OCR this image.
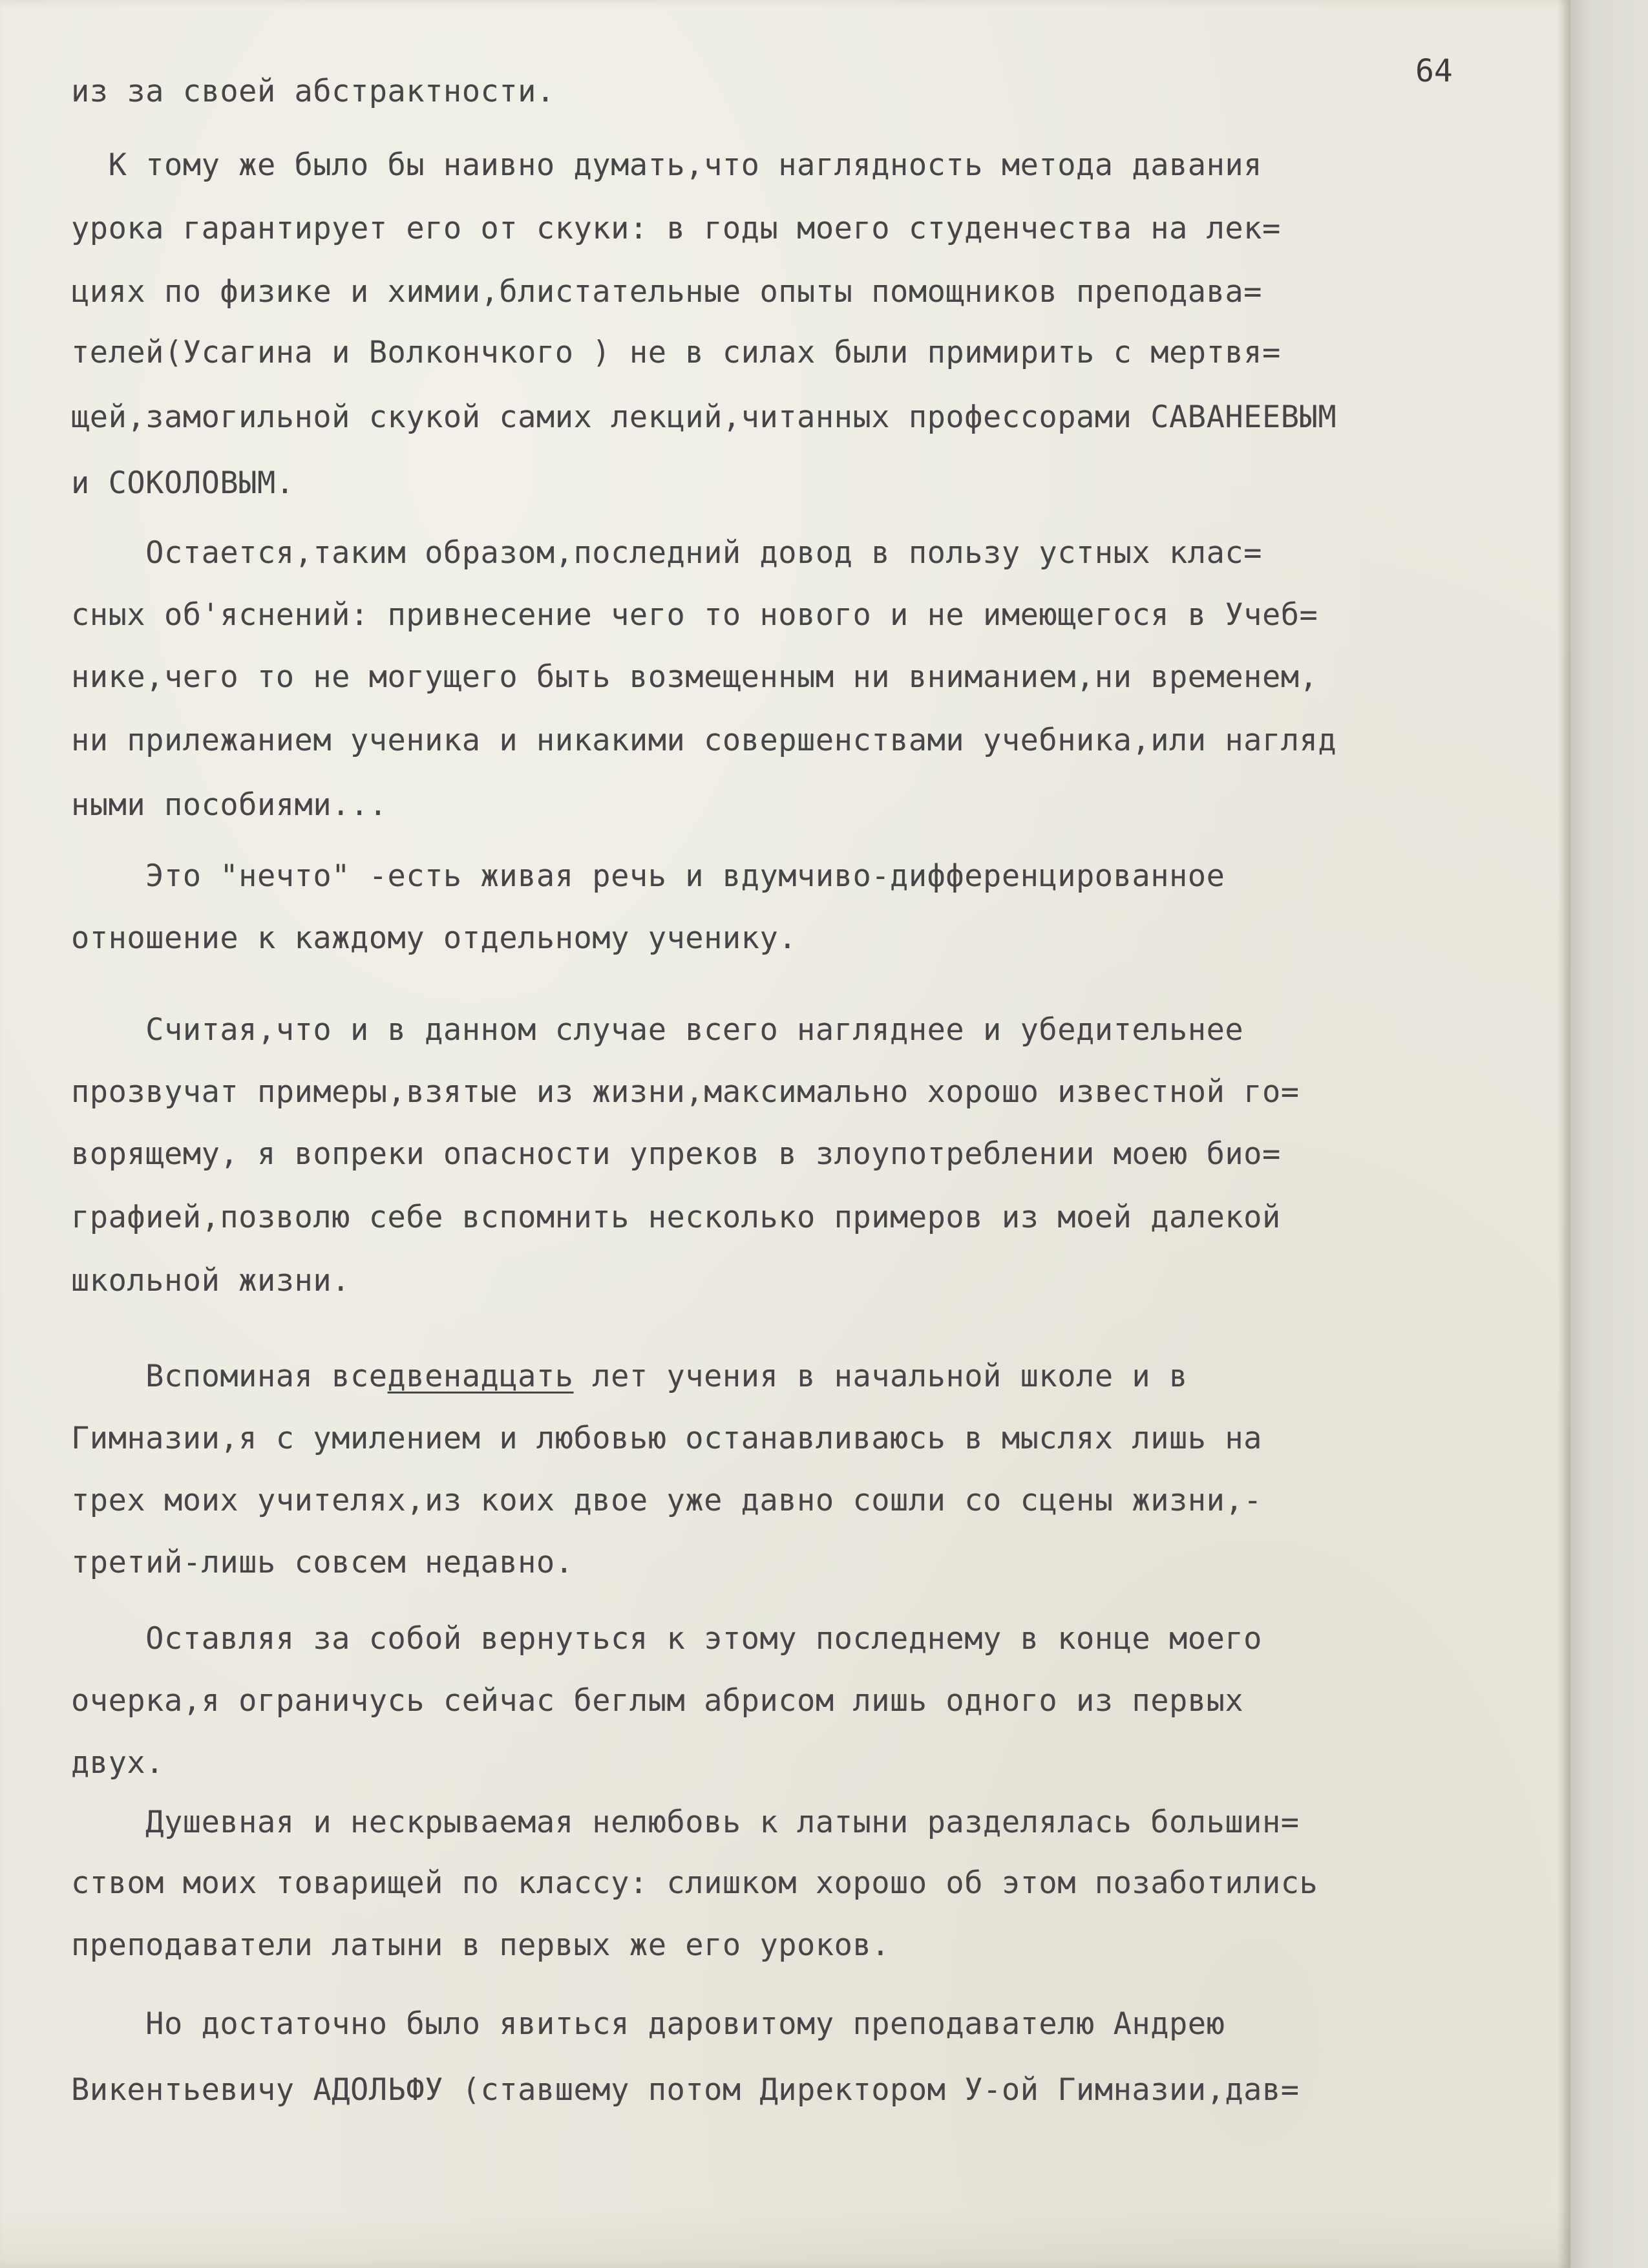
64
из за своей абстрактности.
К тому же было бы наивно думать,что наглядность метода давания
урока гарантирует его от скуки: в годы моего студенчества на лек=
циях по физике и химии,блистательные опыты помощников преподава=
телей(Усагина и Волкончкого ) не в силах были примирить с мертвя=
щей,замогильной скукой самих лекций,читанных профессорами САВАНЕЕВЫМ
и СОКОЛОВЫМ.
Остается,таким образом,последний довод в пользу устных клас=
сных об'яснений: привнесение чего то нового и не имеющегося в Учеб=
нике,чего то не могущего быть возмещенным ни вниманием,ни временем,
ни прилежанием ученика и никакими совершенствами учебника,или нагляд
ными пособиями...
Это "нечто" -есть живая речь и вдумчиво-дифференцированное
отношение к каждому отдельному ученику.
Считая,что и в данном случае всего нагляднее и убедительнее
прозвучат примеры,взятые из жизни,максимально хорошо известной го=
ворящему, я вопреки опасности упреков в злоупотреблении моею био=
графией,позволю себе вспомнить несколько примеров из моей далекой
школьной жизни.
Вспоминая вседвенадцать лет учения в начальной школе и в
Гимназии,я с умилением и любовью останавливаюсь в мыслях лишь на
трех моих учителях,из коих двое уже давно сошли со сцены жизни,-
третий-лишь совсем недавно.
Оставляя за собой вернуться к этому последнему в конце моего
очерка,я ограничусь сейчас беглым абрисом лишь одного из первых
двух.
Душевная и нескрываемая нелюбовь к латыни разделялась большин=
ством моих товарищей по классу: слишком хорошо об этом позаботились
преподаватели латыни в первых же его уроков.
Но достаточно было явиться даровитому преподавателю Андрею
Викентьевичу АДОЛЬФУ (ставшему потом Директором У-ой Гимназии,дав=
